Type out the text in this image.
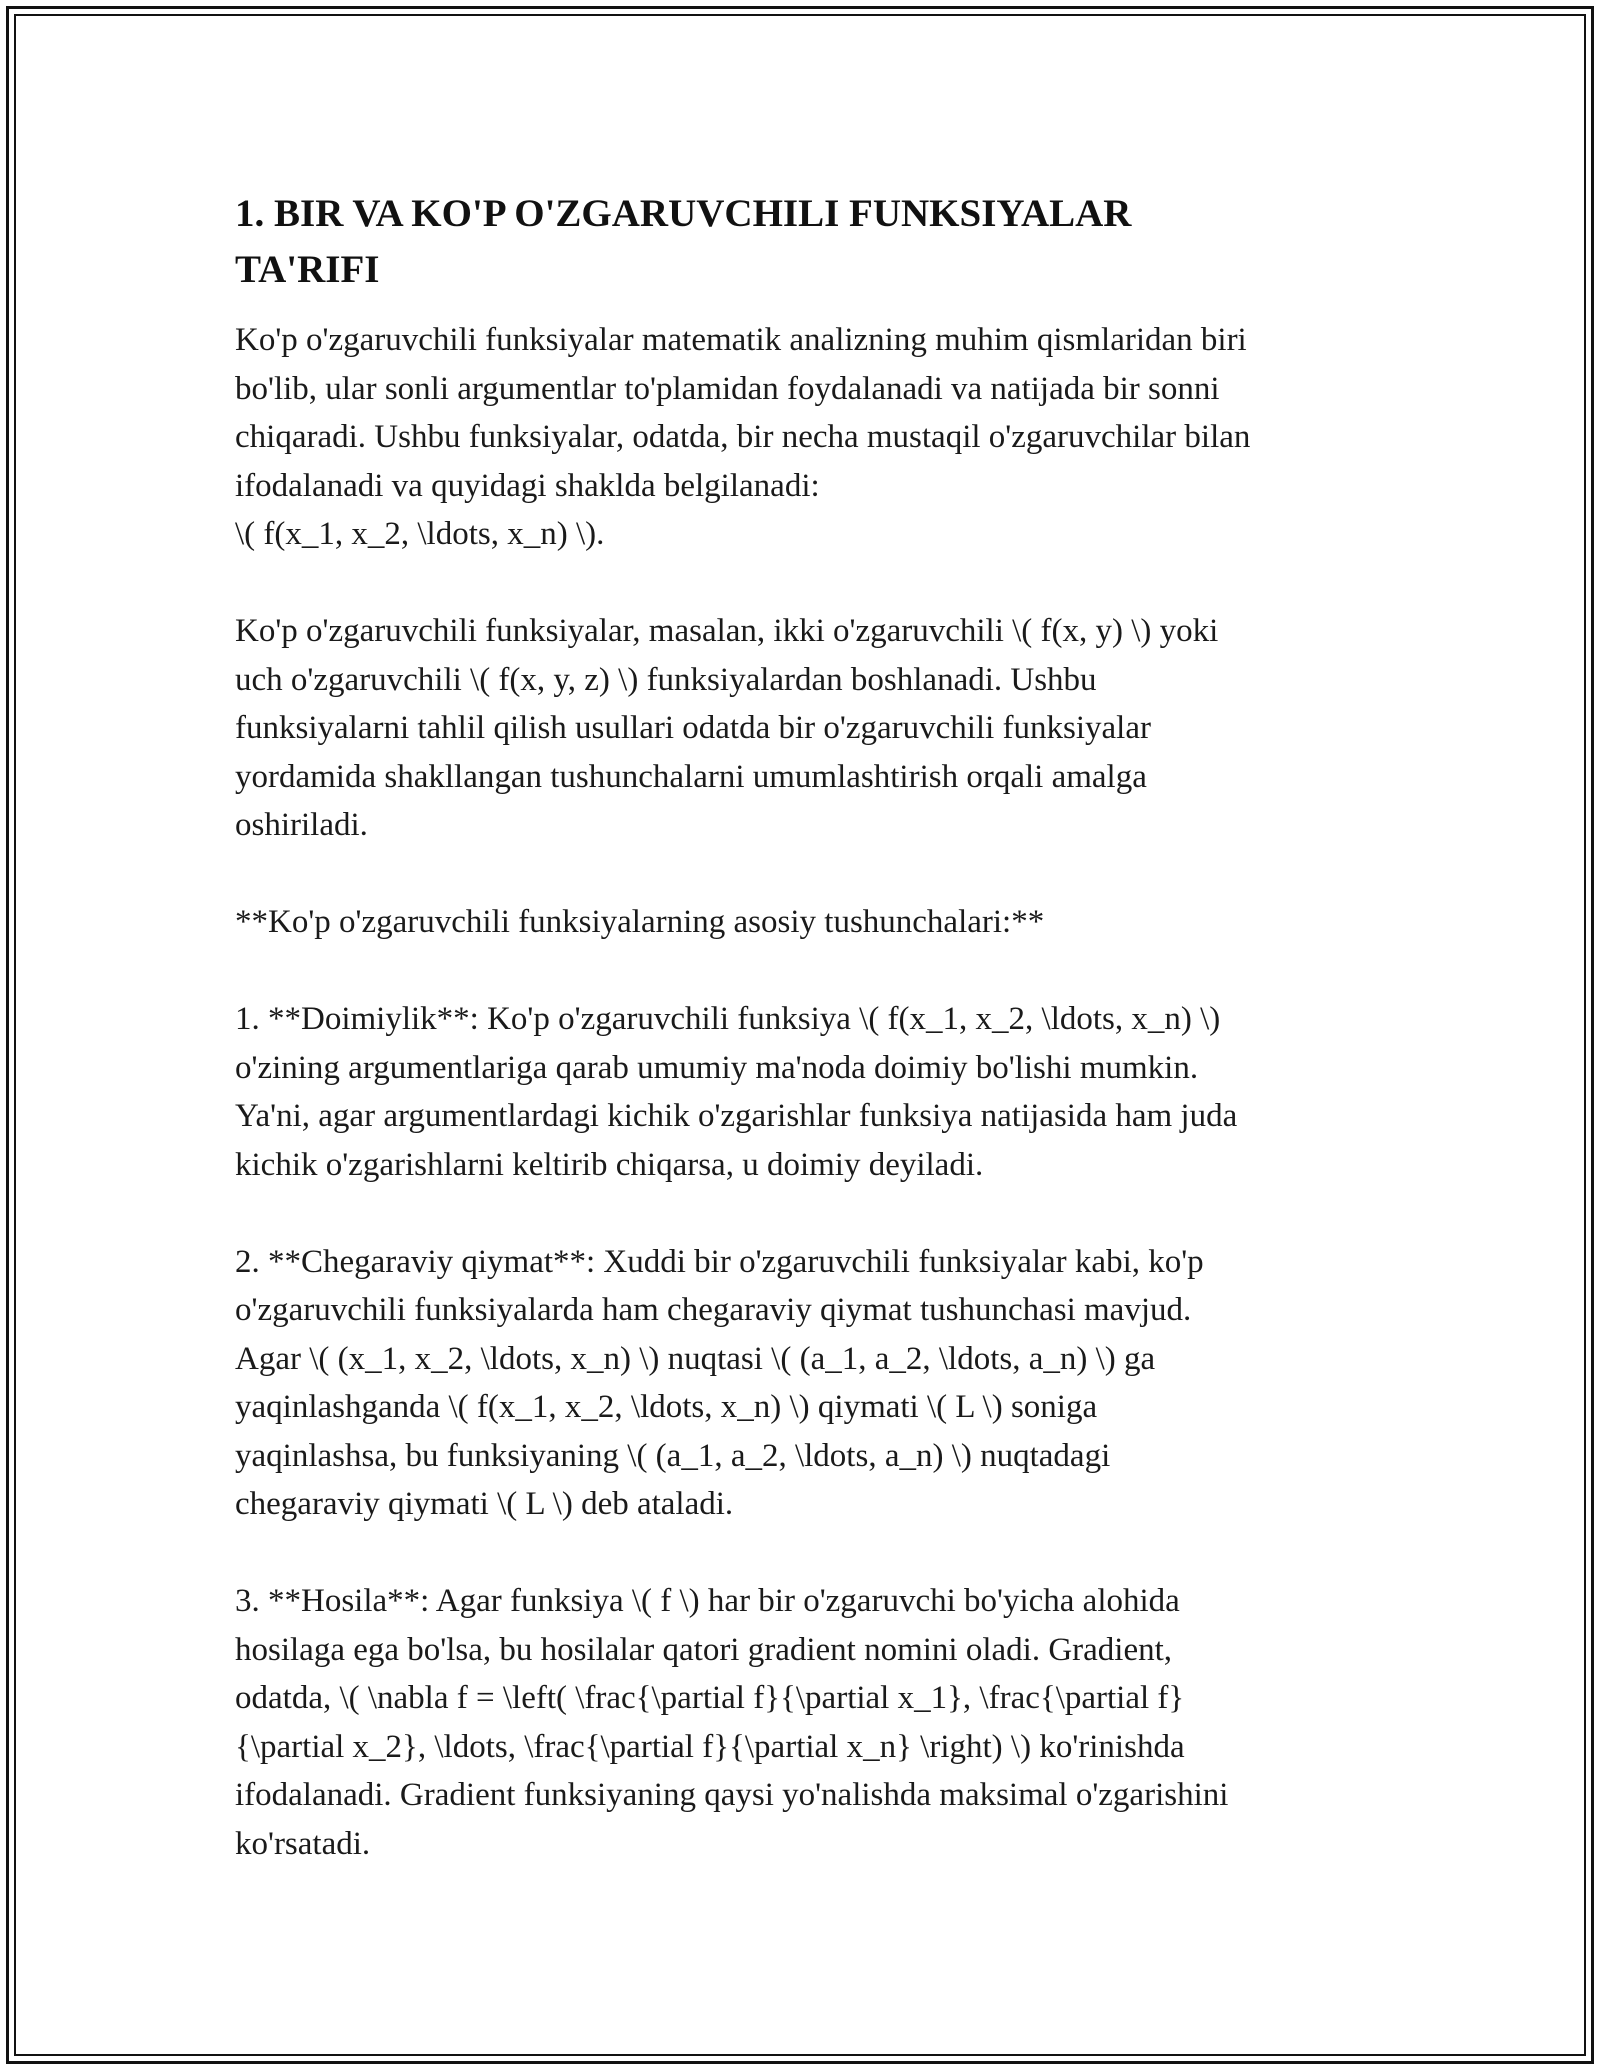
1. BIR VA KO'P O'ZGARUVCHILI FUNKSIYALAR
TA'RIFI

Ko'p o'zgaruvchili funksiyalar matematik analizning muhim qismlaridan biri
bo'lib, ular sonli argumentlar to'plamidan foydalanadi va natijada bir sonni
chiqaradi. Ushbu funksiyalar, odatda, bir necha mustaqil o'zgaruvchilar bilan
ifodalanadi va quyidagi shaklda belgilanadi:
\( f(x_1, x_2, \ldots, x_n) \).

Ko'p o'zgaruvchili funksiyalar, masalan, ikki o'zgaruvchili \( f(x, y) \) yoki
uch o'zgaruvchili \( f(x, y, z) \) funksiyalardan boshlanadi. Ushbu
funksiyalarni tahlil qilish usullari odatda bir o'zgaruvchili funksiyalar
yordamida shakllangan tushunchalarni umumlashtirish orqali amalga
oshiriladi.

**Ko'p o'zgaruvchili funksiyalarning asosiy tushunchalari:**

1. **Doimiylik**: Ko'p o'zgaruvchili funksiya \( f(x_1, x_2, \ldots, x_n) \)
o'zining argumentlariga qarab umumiy ma'noda doimiy bo'lishi mumkin.
Ya'ni, agar argumentlardagi kichik o'zgarishlar funksiya natijasida ham juda
kichik o'zgarishlarni keltirib chiqarsa, u doimiy deyiladi.

2. **Chegaraviy qiymat**: Xuddi bir o'zgaruvchili funksiyalar kabi, ko'p
o'zgaruvchili funksiyalarda ham chegaraviy qiymat tushunchasi mavjud.
Agar \( (x_1, x_2, \ldots, x_n) \) nuqtasi \( (a_1, a_2, \ldots, a_n) \) ga
yaqinlashganda \( f(x_1, x_2, \ldots, x_n) \) qiymati \( L \) soniga
yaqinlashsa, bu funksiyaning \( (a_1, a_2, \ldots, a_n) \) nuqtadagi
chegaraviy qiymati \( L \) deb ataladi.

3. **Hosila**: Agar funksiya \( f \) har bir o'zgaruvchi bo'yicha alohida
hosilaga ega bo'lsa, bu hosilalar qatori gradient nomini oladi. Gradient,
odatda, \( \nabla f = \left( \frac{\partial f}{\partial x_1}, \frac{\partial f}
{\partial x_2}, \ldots, \frac{\partial f}{\partial x_n} \right) \) ko'rinishda
ifodalanadi. Gradient funksiyaning qaysi yo'nalishda maksimal o'zgarishini
ko'rsatadi.
